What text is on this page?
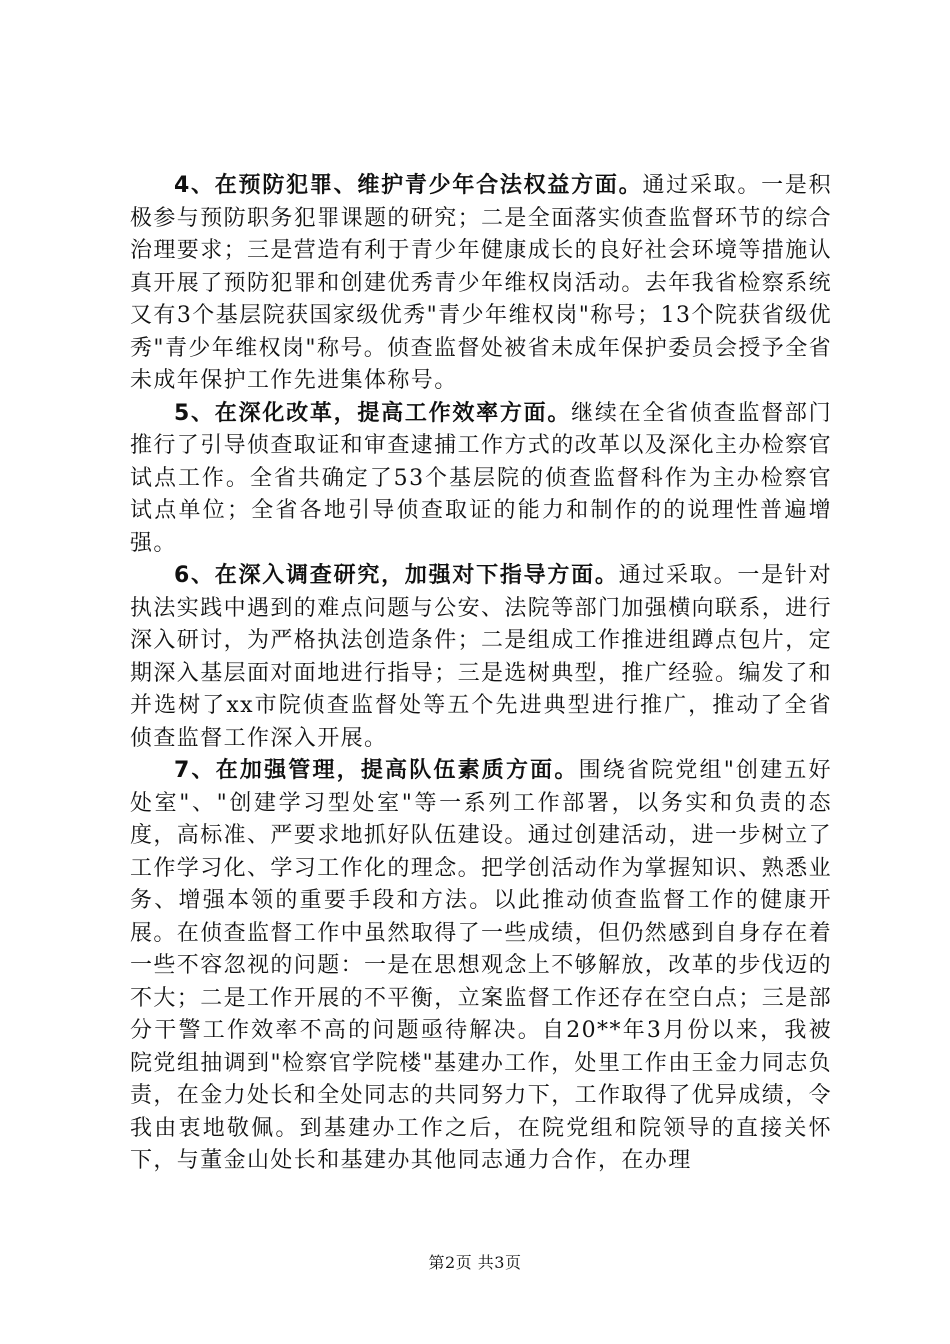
4、在预防犯罪、维护青少年合法权益方面。通过采取。一是积极参与预防职务犯罪课题的研究；二是全面落实侦查监督环节的综合治理要求；三是营造有利于青少年健康成长的良好社会环境等措施认真开展了预防犯罪和创建优秀青少年维权岗活动。去年我省检察系统又有3个基层院获国家级优秀"青少年维权岗"称号；13个院获省级优秀"青少年维权岗"称号。侦查监督处被省未成年保护委员会授予全省未成年保护工作先进集体称号。

5、在深化改革，提高工作效率方面。继续在全省侦查监督部门推行了引导侦查取证和审查逮捕工作方式的改革以及深化主办检察官试点工作。全省共确定了53个基层院的侦查监督科作为主办检察官试点单位；全省各地引导侦查取证的能力和制作的的说理性普遍增强。

6、在深入调查研究，加强对下指导方面。通过采取。一是针对执法实践中遇到的难点问题与公安、法院等部门加强横向联系，进行深入研讨，为严格执法创造条件；二是组成工作推进组蹲点包片，定期深入基层面对面地进行指导；三是选树典型，推广经验。编发了和并选树了xx市院侦查监督处等五个先进典型进行推广，推动了全省侦查监督工作深入开展。

7、在加强管理，提高队伍素质方面。围绕省院党组"创建五好处室"、"创建学习型处室"等一系列工作部署，以务实和负责的态度，高标准、严要求地抓好队伍建设。通过创建活动，进一步树立了工作学习化、学习工作化的理念。把学创活动作为掌握知识、熟悉业务、增强本领的重要手段和方法。以此推动侦查监督工作的健康开展。在侦查监督工作中虽然取得了一些成绩，但仍然感到自身存在着一些不容忽视的问题：一是在思想观念上不够解放，改革的步伐迈的不大；二是工作开展的不平衡，立案监督工作还存在空白点；三是部分干警工作效率不高的问题亟待解决。自20**年3月份以来，我被院党组抽调到"检察官学院楼"基建办工作，处里工作由王金力同志负责，在金力处长和全处同志的共同努力下，工作取得了优异成绩，令我由衷地敬佩。到基建办工作之后，在院党组和院领导的直接关怀下，与董金山处长和基建办其他同志通力合作，在办理

第2页 共3页
